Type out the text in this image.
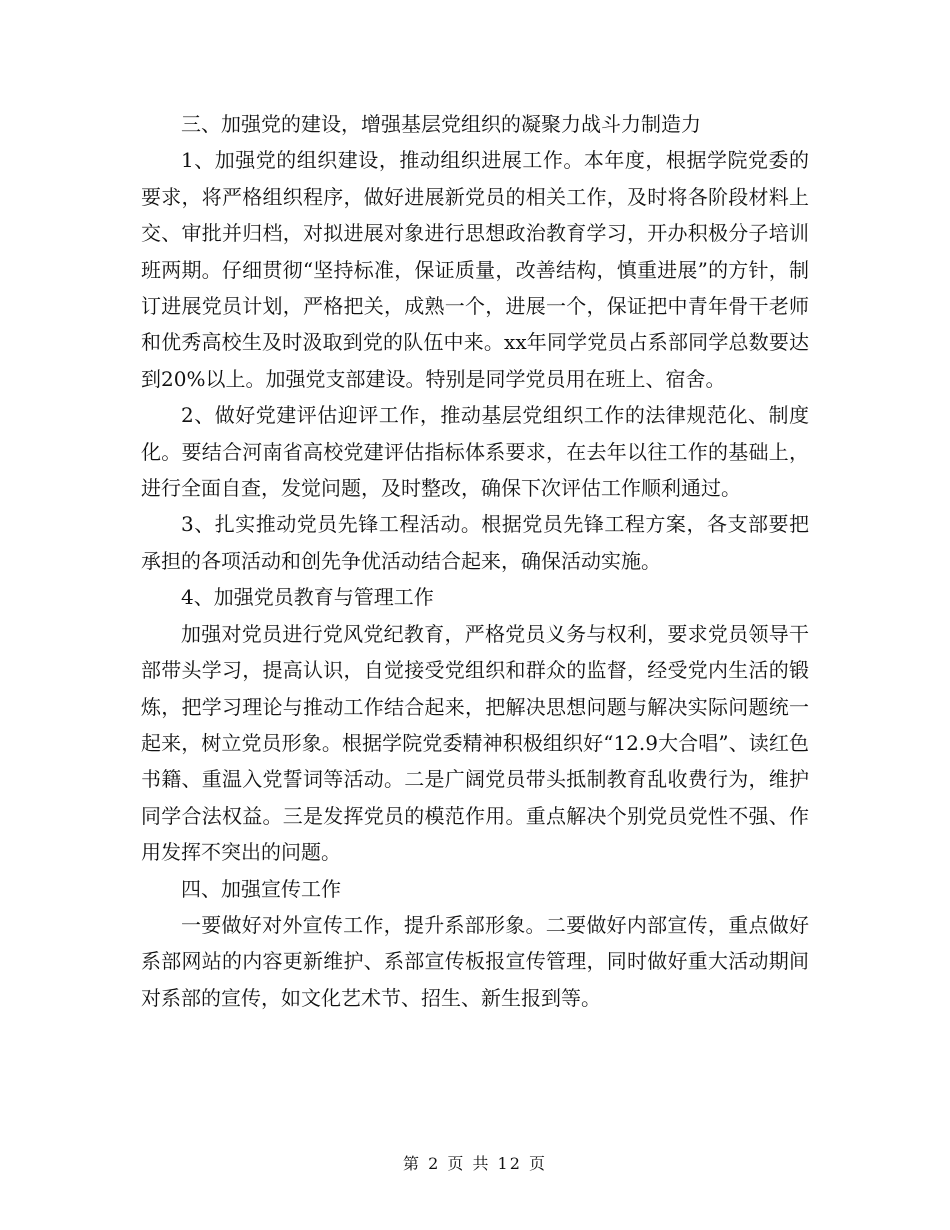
三、加强党的建设，增强基层党组织的凝聚力战斗力制造力

1、加强党的组织建设，推动组织进展工作。本年度，根据学院党委的要求，将严格组织程序，做好进展新党员的相关工作，及时将各阶段材料上交、审批并归档，对拟进展对象进行思想政治教育学习，开办积极分子培训班两期。仔细贯彻“坚持标准，保证质量，改善结构，慎重进展”的方针，制订进展党员计划，严格把关，成熟一个，进展一个，保证把中青年骨干老师和优秀高校生及时汲取到党的队伍中来。xx年同学党员占系部同学总数要达到20%以上。加强党支部建设。特别是同学党员用在班上、宿舍。

2、做好党建评估迎评工作，推动基层党组织工作的法律规范化、制度化。要结合河南省高校党建评估指标体系要求，在去年以往工作的基础上，进行全面自查，发觉问题，及时整改，确保下次评估工作顺利通过。

3、扎实推动党员先锋工程活动。根据党员先锋工程方案，各支部要把承担的各项活动和创先争优活动结合起来，确保活动实施。

4、加强党员教育与管理工作

加强对党员进行党风党纪教育，严格党员义务与权利，要求党员领导干部带头学习，提高认识，自觉接受党组织和群众的监督，经受党内生活的锻炼，把学习理论与推动工作结合起来，把解决思想问题与解决实际问题统一起来，树立党员形象。根据学院党委精神积极组织好“12.9大合唱”、读红色书籍、重温入党誓词等活动。二是广阔党员带头抵制教育乱收费行为，维护同学合法权益。三是发挥党员的模范作用。重点解决个别党员党性不强、作用发挥不突出的问题。

四、加强宣传工作

一要做好对外宣传工作，提升系部形象。二要做好内部宣传，重点做好系部网站的内容更新维护、系部宣传板报宣传管理，同时做好重大活动期间对系部的宣传，如文化艺术节、招生、新生报到等。

第 2 页 共 12 页
